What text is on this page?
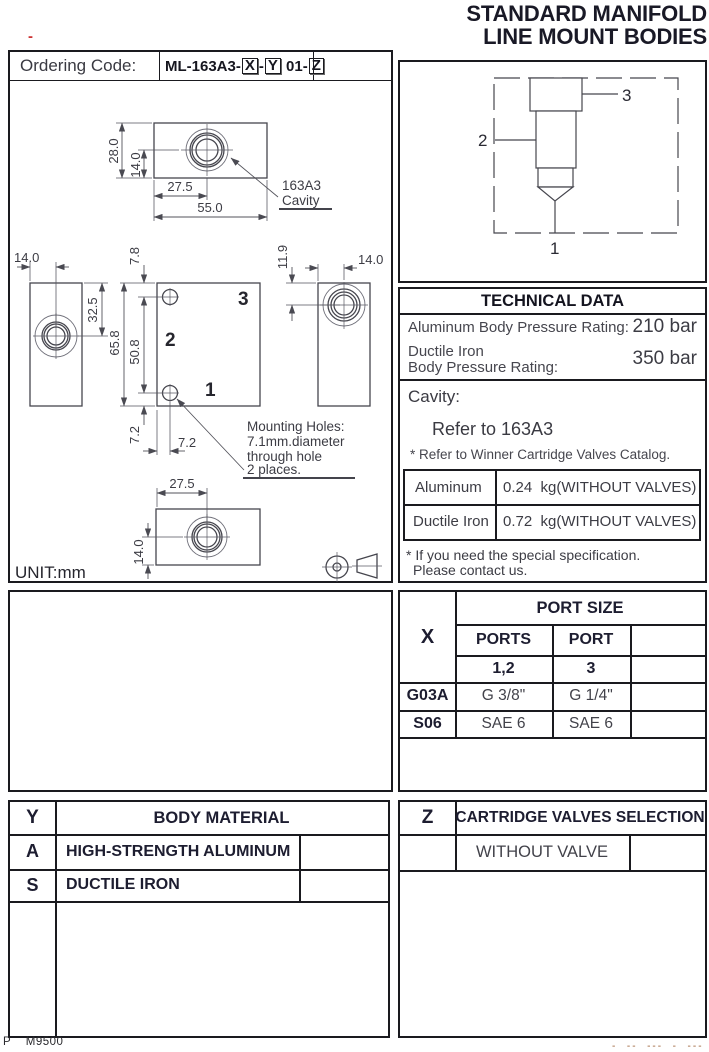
STANDARD MANIFOLD
LINE MOUNT BODIES
-
Ordering Code:	ML-163A3- X - Y 01- Z
28.0
14.0
27.5
55.0
163A3
Cavity
14.0
32.5	3
2
1
65.8
7.8
50.8
7.2	7.2
Mounting Holes:
7.1mm.diameter
through hole
2 places.
11.9	14.0
27.5
14.0
UNIT:mm
2
3
1
TECHNICAL DATA
Aluminum Body Pressure Rating: 210 bar
Ductile Iron
Body Pressure Rating:	350 bar
Cavity:
Refer to 163A3
* Refer to Winner Cartridge Valves Catalog.
Aluminum	0.24  kg(WITHOUT VALVES)
Ductile Iron 0.72  kg(WITHOUT VALVES)
* If you need the special specification.
Please contact us.
X
PORT SIZE
PORTS	PORT
1,2	3
G03A	G 3/8"	G 1/4"
S06	SAE 6	SAE 6
Y	BODY MATERIAL
A	HIGH-STRENGTH ALUMINUM
S	DUCTILE IRON
Z	CARTRIDGE VALVES SELECTION
WITHOUT VALVE
P    M9500	-  --  ---  -  ---
